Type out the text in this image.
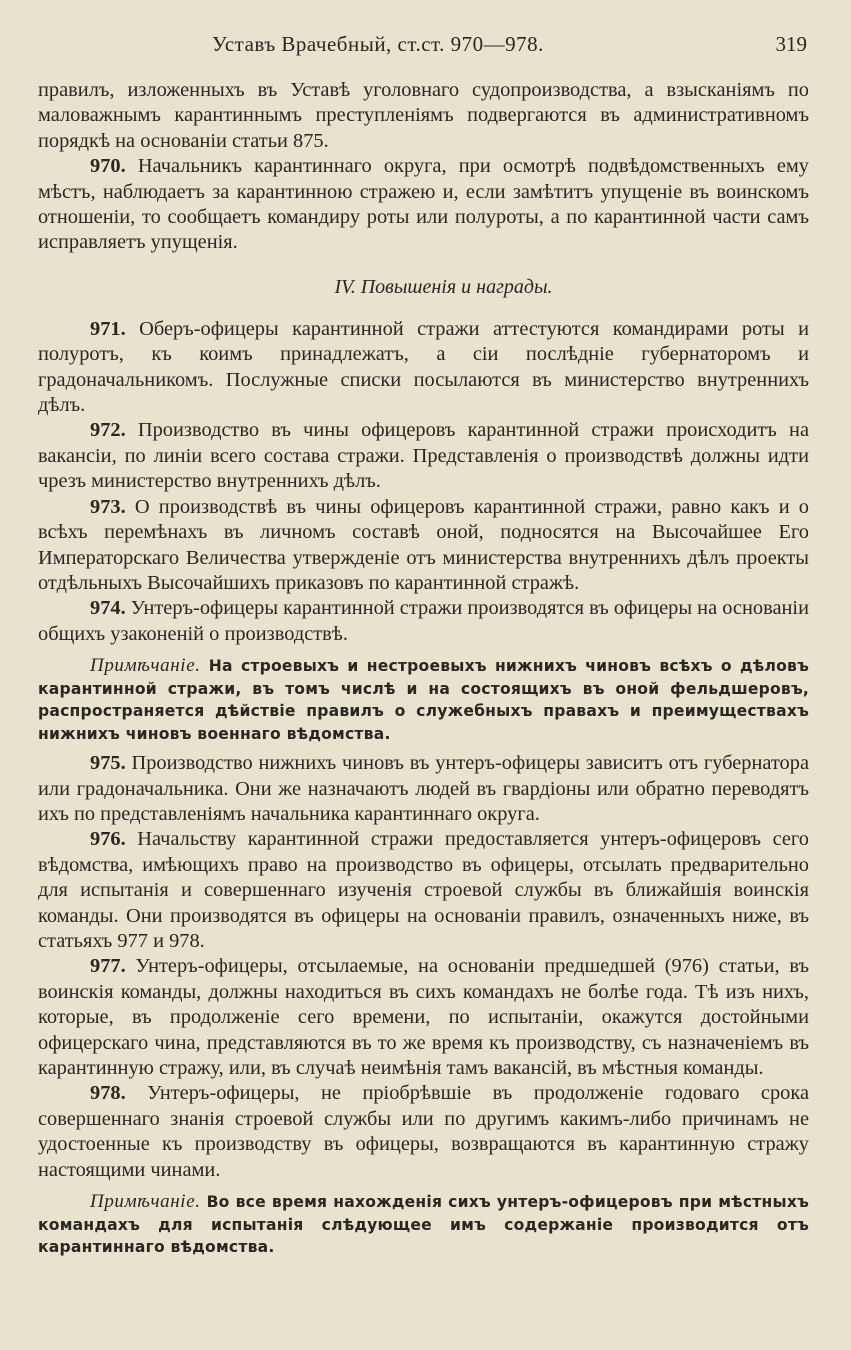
Уставъ Врачебный, ст.ст. 970—978.	319

правилъ, изложенныхъ въ Уставѣ уголовнаго судопроизводства, а взысканіямъ по маловажнымъ карантиннымъ преступленіямъ подвергаются въ административномъ порядкѣ на основаніи статьи 875.

970. Начальникъ карантиннаго округа, при осмотрѣ подвѣдомственныхъ ему мѣстъ, наблюдаетъ за карантинною стражею и, если замѣтитъ упущеніе въ воинскомъ отношеніи, то сообщаетъ командиру роты или полуроты, а по карантинной части самъ исправляетъ упущенія.

IV. Повышенія и награды.

971. Оберъ-офицеры карантинной стражи аттестуются командирами роты и полуротъ, къ коимъ принадлежатъ, а сіи послѣдніе губернаторомъ и градоначальникомъ. Послужные списки посылаются въ министерство внутреннихъ дѣлъ.

972. Производство въ чины офицеровъ карантинной стражи происходитъ на вакансіи, по линіи всего состава стражи. Представленія о производствѣ должны идти чрезъ министерство внутреннихъ дѣлъ.

973. О производствѣ въ чины офицеровъ карантинной стражи, равно какъ и о всѣхъ перемѣнахъ въ личномъ составѣ оной, подносятся на Высочайшее Его Императорскаго Величества утвержденіе отъ министерства внутреннихъ дѣлъ проекты отдѣльныхъ Высочайшихъ приказовъ по карантинной стражѣ.

974. Унтеръ-офицеры карантинной стражи производятся въ офицеры на основаніи общихъ узаконеній о производствѣ.

Примѣчаніе. На строевыхъ и нестроевыхъ нижнихъ чиновъ всѣхъ о дѣловъ карантинной стражи, въ томъ числѣ и на состоящихъ въ оной фельдшеровъ, распространяется дѣйствіе правилъ о служебныхъ правахъ и преимуществахъ нижнихъ чиновъ военнаго вѣдомства.

975. Производство нижнихъ чиновъ въ унтеръ-офицеры зависитъ отъ губернатора или градоначальника. Они же назначаютъ людей въ гвардіоны или обратно переводятъ ихъ по представленіямъ начальника карантиннаго округа.

976. Начальству карантинной стражи предоставляется унтеръ-офицеровъ сего вѣдомства, имѣющихъ право на производство въ офицеры, отсылать предварительно для испытанія и совершеннаго изученія строевой службы въ ближайшія воинскія команды. Они производятся въ офицеры на основаніи правилъ, означенныхъ ниже, въ статьяхъ 977 и 978.

977. Унтеръ-офицеры, отсылаемые, на основаніи предшедшей (976) статьи, въ воинскія команды, должны находиться въ сихъ командахъ не болѣе года. Тѣ изъ нихъ, которые, въ продолженіе сего времени, по испытаніи, окажутся достойными офицерскаго чина, представляются въ то же время къ производству, съ назначеніемъ въ карантинную стражу, или, въ случаѣ неимѣнія тамъ вакансій, въ мѣстныя команды.

978. Унтеръ-офицеры, не пріобрѣвшіе въ продолженіе годоваго срока совершеннаго знанія строевой службы или по другимъ какимъ-либо причинамъ не удостоенные къ производству въ офицеры, возвращаются въ карантинную стражу настоящими чинами.

Примѣчаніе. Во все время нахожденія сихъ унтеръ-офицеровъ при мѣстныхъ командахъ для испытанія слѣдующее имъ содержаніе производится отъ карантиннаго вѣдомства.
